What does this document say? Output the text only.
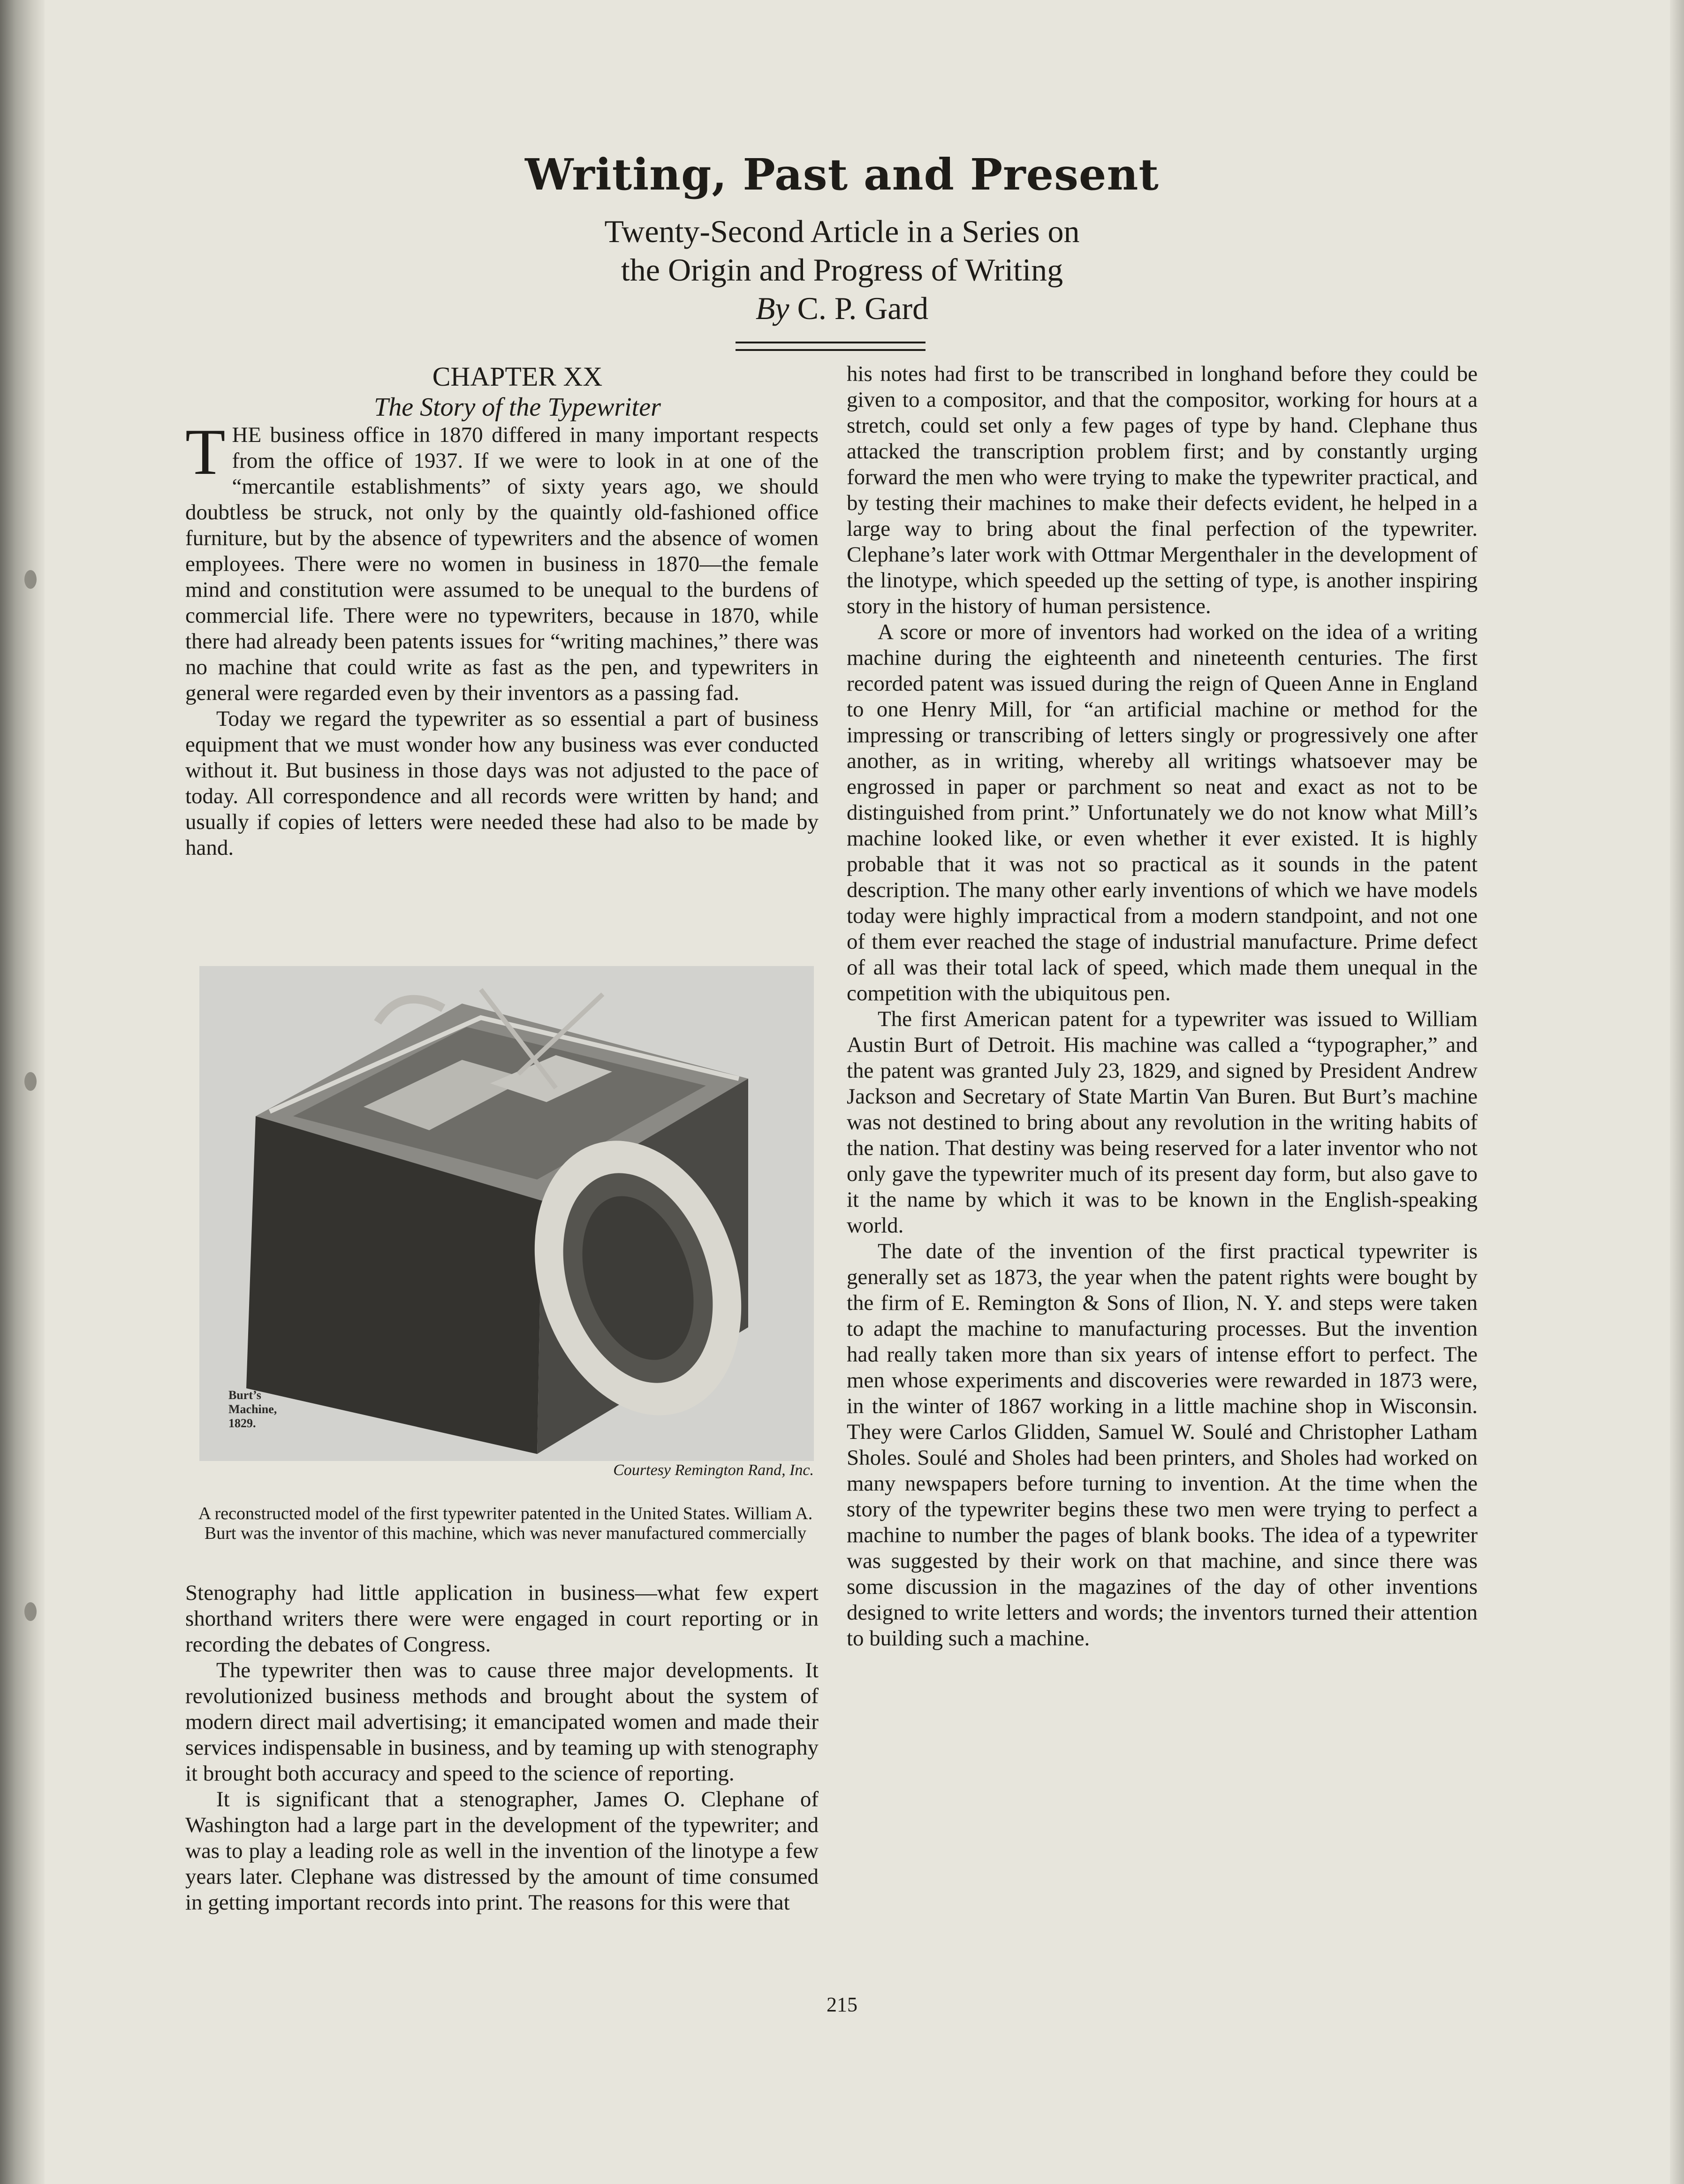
Writing, Past and Present

Twenty-Second Article in a Series on

the Origin and Progress of Writing

By C. P. Gard

CHAPTER XX

The Story of the Typewriter

THE business office in 1870 differed in many important respects from the office of 1937. If we were to look in at one of the “mercantile establishments” of sixty years ago, we should doubtless be struck, not only by the quaintly old-fashioned office furniture, but by the absence of typewriters and the absence of women employees. There were no women in business in 1870—the female mind and constitution were assumed to be unequal to the burdens of commercial life. There were no typewriters, because in 1870, while there had already been patents issues for “writing machines,” there was no machine that could write as fast as the pen, and typewriters in general were regarded even by their inventors as a passing fad.

Today we regard the typewriter as so essential a part of business equipment that we must wonder how any business was ever conducted without it. But business in those days was not adjusted to the pace of today. All correspondence and all records were written by hand; and usually if copies of letters were needed these had also to be made by hand.

Burt’s
Machine,
1829.
Courtesy Remington Rand, Inc.
A reconstructed model of the first typewriter patented in the United States. William A. Burt was the inventor of this machine, which was never manufactured commercially

Stenography had little application in business—what few expert shorthand writers there were were engaged in court reporting or in recording the debates of Congress.

The typewriter then was to cause three major developments. It revolutionized business methods and brought about the system of modern direct mail advertising; it emancipated women and made their services indispensable in business, and by teaming up with stenography it brought both accuracy and speed to the science of reporting.

It is significant that a stenographer, James O. Clephane of Washington had a large part in the development of the typewriter; and was to play a leading role as well in the invention of the linotype a few years later. Clephane was distressed by the amount of time consumed in getting important records into print. The reasons for this were that

his notes had first to be transcribed in longhand before they could be given to a compositor, and that the compositor, working for hours at a stretch, could set only a few pages of type by hand. Clephane thus attacked the transcription problem first; and by constantly urging forward the men who were trying to make the typewriter practical, and by testing their machines to make their defects evident, he helped in a large way to bring about the final perfection of the typewriter. Clephane’s later work with Ottmar Mergenthaler in the development of the linotype, which speeded up the setting of type, is another inspiring story in the history of human persistence.

A score or more of inventors had worked on the idea of a writing machine during the eighteenth and nineteenth centuries. The first recorded patent was issued during the reign of Queen Anne in England to one Henry Mill, for “an artificial machine or method for the impressing or transcribing of letters singly or progressively one after another, as in writing, whereby all writings whatsoever may be engrossed in paper or parchment so neat and exact as not to be distinguished from print.” Unfortunately we do not know what Mill’s machine looked like, or even whether it ever existed. It is highly probable that it was not so practical as it sounds in the patent description. The many other early inventions of which we have models today were highly impractical from a modern standpoint, and not one of them ever reached the stage of industrial manufacture. Prime defect of all was their total lack of speed, which made them unequal in the competition with the ubiquitous pen.

The first American patent for a typewriter was issued to William Austin Burt of Detroit. His machine was called a “typographer,” and the patent was granted July 23, 1829, and signed by President Andrew Jackson and Secretary of State Martin Van Buren. But Burt’s machine was not destined to bring about any revolution in the writing habits of the nation. That destiny was being reserved for a later inventor who not only gave the typewriter much of its present day form, but also gave to it the name by which it was to be known in the English-speaking world.

The date of the invention of the first practical typewriter is generally set as 1873, the year when the patent rights were bought by the firm of E. Remington & Sons of Ilion, N. Y. and steps were taken to adapt the machine to manufacturing processes. But the invention had really taken more than six years of intense effort to perfect. The men whose experiments and discoveries were rewarded in 1873 were, in the winter of 1867 working in a little machine shop in Wisconsin. They were Carlos Glidden, Samuel W. Soulé and Christopher Latham Sholes. Soulé and Sholes had been printers, and Sholes had worked on many newspapers before turning to invention. At the time when the story of the typewriter begins these two men were trying to perfect a machine to number the pages of blank books. The idea of a typewriter was suggested by their work on that machine, and since there was some discussion in the magazines of the day of other inventions designed to write letters and words; the inventors turned their attention to building such a machine.

215
